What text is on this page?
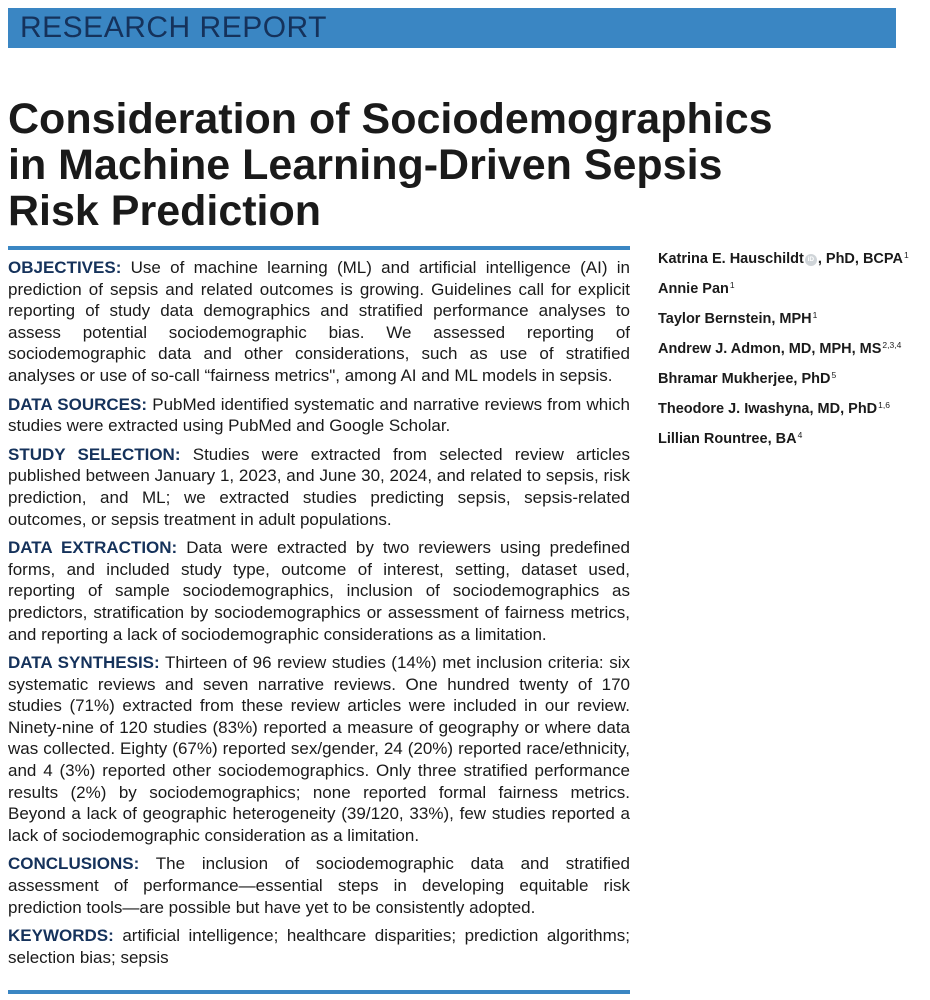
RESEARCH REPORT
Consideration of Sociodemographics in Machine Learning-Driven Sepsis Risk Prediction

OBJECTIVES: Use of machine learning (ML) and artificial intelligence (AI) in prediction of sepsis and related outcomes is growing. Guidelines call for explicit reporting of study data demographics and stratified performance analyses to assess potential sociodemographic bias. We assessed reporting of sociodemographic data and other considerations, such as use of stratified analyses or use of so-call “fairness metrics", among AI and ML models in sepsis.

DATA SOURCES: PubMed identified systematic and narrative reviews from which studies were extracted using PubMed and Google Scholar.

STUDY SELECTION: Studies were extracted from selected review articles published between January 1, 2023, and June 30, 2024, and related to sepsis, risk prediction, and ML; we extracted studies predicting sepsis, sepsis-related outcomes, or sepsis treatment in adult populations.

DATA EXTRACTION: Data were extracted by two reviewers using predefined forms, and included study type, outcome of interest, setting, dataset used, reporting of sample sociodemographics, inclusion of sociodemographics as predictors, stratification by sociodemographics or assessment of fairness metrics, and reporting a lack of sociodemographic considerations as a limitation.

DATA SYNTHESIS: Thirteen of 96 review studies (14%) met inclusion criteria: six systematic reviews and seven narrative reviews. One hundred twenty of 170 studies (71%) extracted from these review articles were included in our review. Ninety-nine of 120 studies (83%) reported a measure of geography or where data was collected. Eighty (67%) reported sex/gender, 24 (20%) reported race/ethnicity, and 4 (3%) reported other sociodemographics. Only three stratified performance results (2%) by sociodemographics; none reported formal fairness metrics. Beyond a lack of geographic heterogeneity (39/120, 33%), few studies reported a lack of sociodemographic consideration as a limitation.

CONCLUSIONS: The inclusion of sociodemographic data and stratified assessment of performance—essential steps in developing equitable risk prediction tools—are possible but have yet to be consistently adopted.

KEYWORDS: artificial intelligence; healthcare disparities; prediction algorithms; selection bias; sepsis

Katrina E. Hauschildt iD , PhD, BCPA$^1$
Annie Pan$^1$
Taylor Bernstein, MPH$^1$
Andrew J. Admon, MD, MPH, MS$^{2,3,4}$
Bhramar Mukherjee, PhD$^5$
Theodore J. Iwashyna, MD, PhD$^{1,6}$
Lillian Rountree, $BA^4$
